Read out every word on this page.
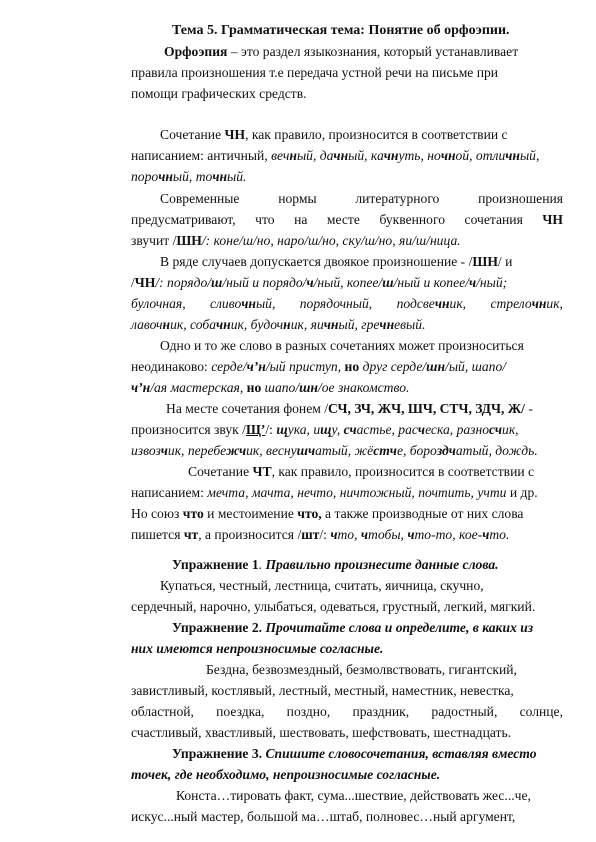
Тема 5. Грамматическая тема: Понятие об орфоэпии.
Орфоэпия – это раздел языкознания, который устанавливает
правила произношения т.е передача устной речи на письме при
помощи графических средств.
Сочетание ЧН, как правило, произносится в соответствии с
написанием: античный, вечный, дачный, качнуть, ночной, отличный,
порочный, точный.
Современные	нормы	литературного	произношения
предусматривают, что на месте буквенного сочетания ЧН
звучит /ШН/: коне/ш/но, наро/ш/но, ску/ш/но, яи/ш/ница.
В ряде случаев допускается двоякое произношение - /ШН/ и
/ЧН/: порядо/ш/ный и порядо/ч/ный, копее/ш/ный и копее/ч/ный;
булочная, сливочный, порядочный, подсвечник, стрелочник,
лавочник, собачник, будочник, яичный, гречневый.
Одно и то же слово в разных сочетаниях может произноситься
неодинаково: серде/ч’н/ый приступ, но друг серде/шн/ый, шапо/
ч’н/ая мастерская, но шапо/шн/ое знакомство.
На месте сочетания фонем /СЧ, ЗЧ, ЖЧ, ШЧ, СТЧ, ЗДЧ, Ж/ -
произносится звук /Щ’/: щука, ищу, счастье, расческа, разносчик,
извозчик, перебежчик, веснушчатый, жёстче, бороздчатый, дождь.
Сочетание ЧТ, как правило, произносится в соответствии с
написанием: мечта, мачта, нечто, ничтожный, почтить, учти и др.
Но союз что и местоимение что, а также производные от них слова
пишется чт, а произносится /шт/: что, чтобы, что-то, кое-что.
Упражнение 1. Правильно произнесите данные слова.
Купаться, честный, лестница, считать, яичница, скучно,
сердечный, нарочно, улыбаться, одеваться, грустный, легкий, мягкий.
Упражнение 2. Прочитайте слова и определите, в каких из
них имеются непроизносимые согласные.
Бездна, безвозмездный, безмолвствовать, гигантский,
завистливый, костлявый, лестный, местный, наместник, невестка,
областной, поездка, поздно, праздник, радостный, солнце,
счастливый, хвастливый, шествовать, шефствовать, шестнадцать.
Упражнение 3. Спишите словосочетания, вставляя вместо
точек, где необходимо, непроизносимые согласные.
Конста…тировать факт, сума...шествие, действовать жес...че,
искус...ный мастер, большой ма…штаб, полновес…ный аргумент,
